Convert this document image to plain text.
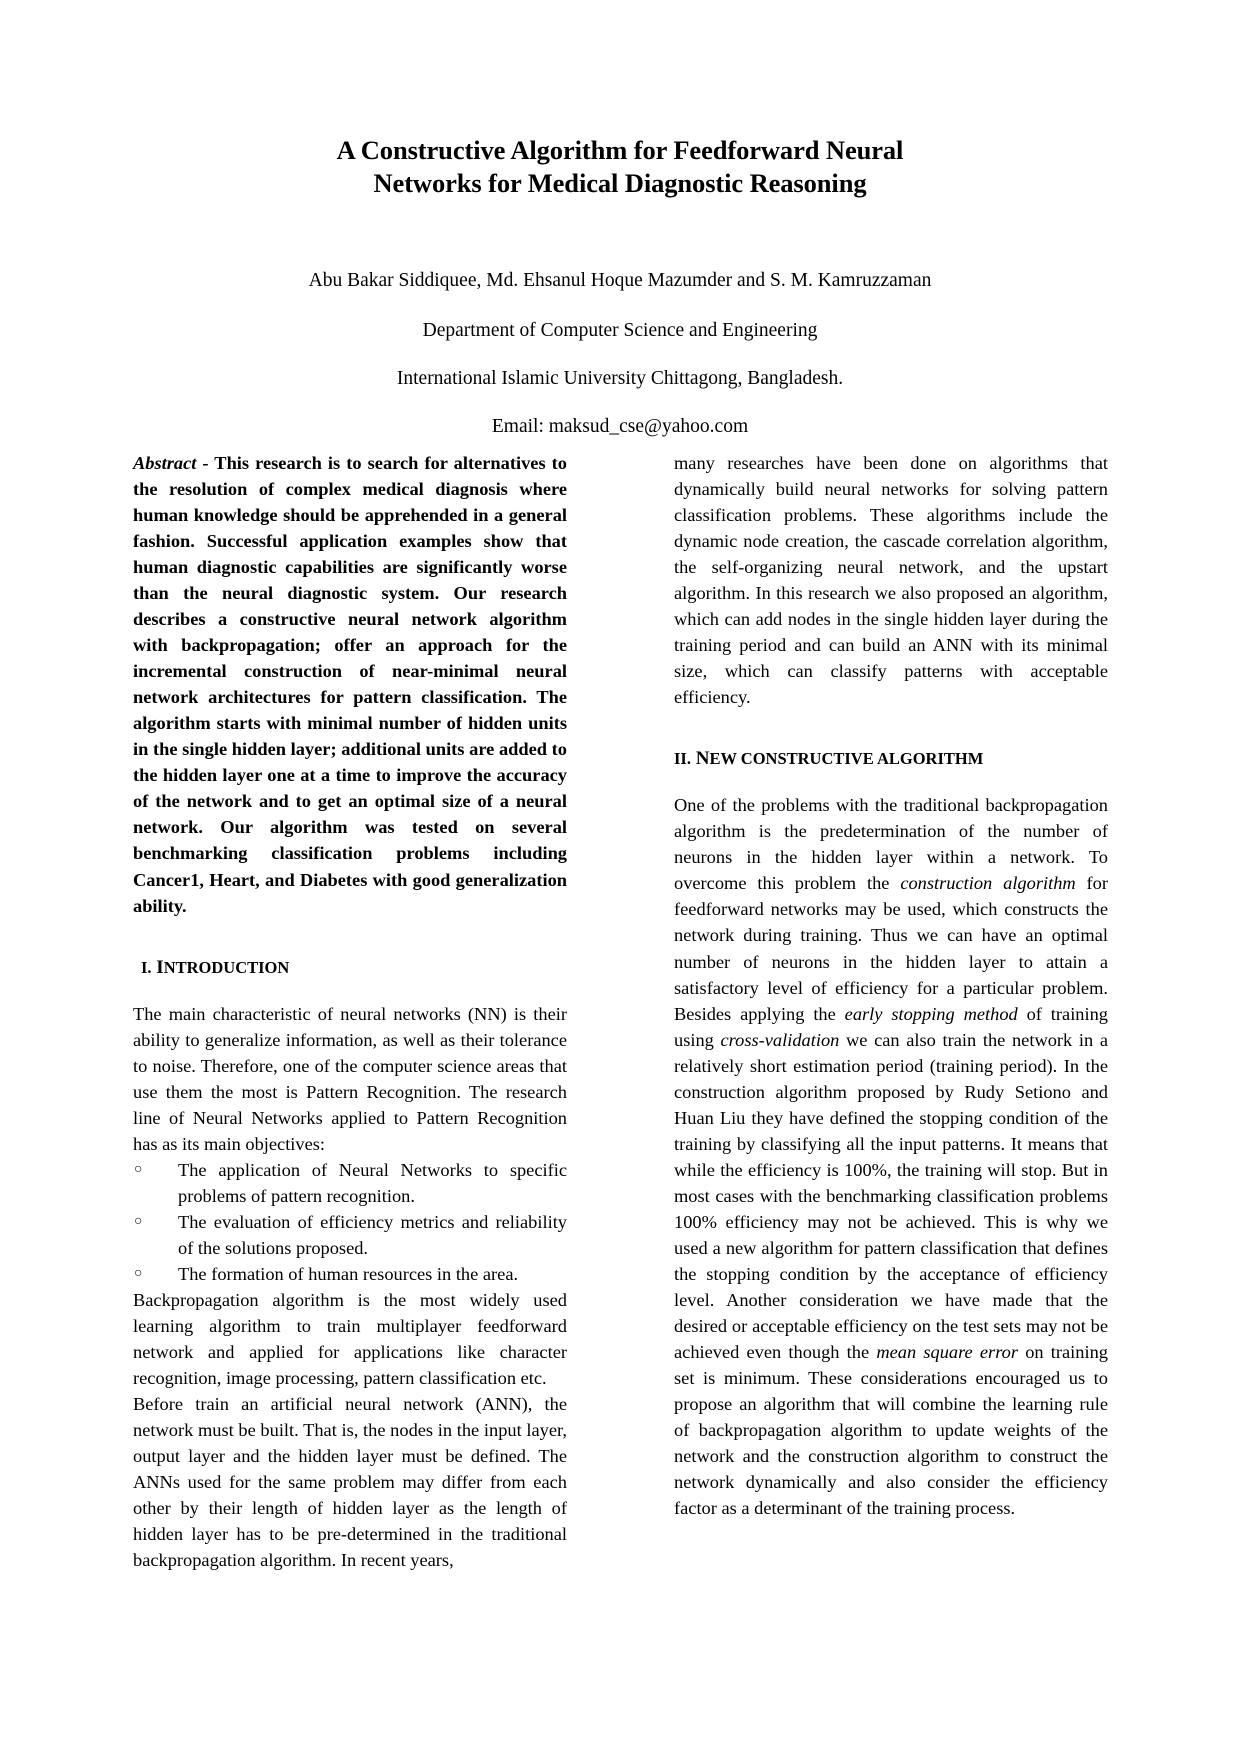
A Constructive Algorithm for Feedforward Neural
Networks for Medical Diagnostic Reasoning
Abu Bakar Siddiquee, Md. Ehsanul Hoque Mazumder and S. M. Kamruzzaman
Department of Computer Science and Engineering
International Islamic University Chittagong, Bangladesh.
Email: maksud_cse@yahoo.com

Abstract - This research is to search for alternatives to the resolution of complex medical diagnosis where human knowledge should be apprehended in a general fashion. Successful application examples show that human diagnostic capabilities are significantly worse than the neural diagnostic system. Our research describes a constructive neural network algorithm with backpropagation; offer an approach for the incremental construction of near-minimal neural network architectures for pattern classification. The algorithm starts with minimal number of hidden units in the single hidden layer; additional units are added to the hidden layer one at a time to improve the accuracy of the network and to get an optimal size of a neural network. Our algorithm was tested on several benchmarking classification problems including Cancer1, Heart, and Diabetes with good generalization ability.

I. INTRODUCTION

The main characteristic of neural networks (NN) is their ability to generalize information, as well as their tolerance to noise. Therefore, one of the computer science areas that use them the most is Pattern Recognition. The research line of Neural Networks applied to Pattern Recognition has as its main objectives:

○ The application of Neural Networks to specific problems of pattern recognition.
○ The evaluation of efficiency metrics and reliability of the solutions proposed.
○ The formation of human resources in the area.

Backpropagation algorithm is the most widely used learning algorithm to train multiplayer feedforward network and applied for applications like character recognition, image processing, pattern classification etc.

Before train an artificial neural network (ANN), the network must be built. That is, the nodes in the input layer, output layer and the hidden layer must be defined. The ANNs used for the same problem may differ from each other by their length of hidden layer as the length of hidden layer has to be pre-determined in the traditional backpropagation algorithm. In recent years,

many researches have been done on algorithms that dynamically build neural networks for solving pattern classification problems. These algorithms include the dynamic node creation, the cascade correlation algorithm, the self-organizing neural network, and the upstart algorithm. In this research we also proposed an algorithm, which can add nodes in the single hidden layer during the training period and can build an ANN with its minimal size, which can classify patterns with acceptable efficiency.

II. NEW CONSTRUCTIVE ALGORITHM

One of the problems with the traditional backpropagation algorithm is the predetermination of the number of neurons in the hidden layer within a network. To overcome this problem the construction algorithm for feedforward networks may be used, which constructs the network during training. Thus we can have an optimal number of neurons in the hidden layer to attain a satisfactory level of efficiency for a particular problem. Besides applying the early stopping method of training using cross-validation we can also train the network in a relatively short estimation period (training period). In the construction algorithm proposed by Rudy Setiono and Huan Liu they have defined the stopping condition of the training by classifying all the input patterns. It means that while the efficiency is 100%, the training will stop. But in most cases with the benchmarking classification problems 100% efficiency may not be achieved. This is why we used a new algorithm for pattern classification that defines the stopping condition by the acceptance of efficiency level. Another consideration we have made that the desired or acceptable efficiency on the test sets may not be achieved even though the mean square error on training set is minimum. These considerations encouraged us to propose an algorithm that will combine the learning rule of backpropagation algorithm to update weights of the network and the construction algorithm to construct the network dynamically and also consider the efficiency factor as a determinant of the training process.
